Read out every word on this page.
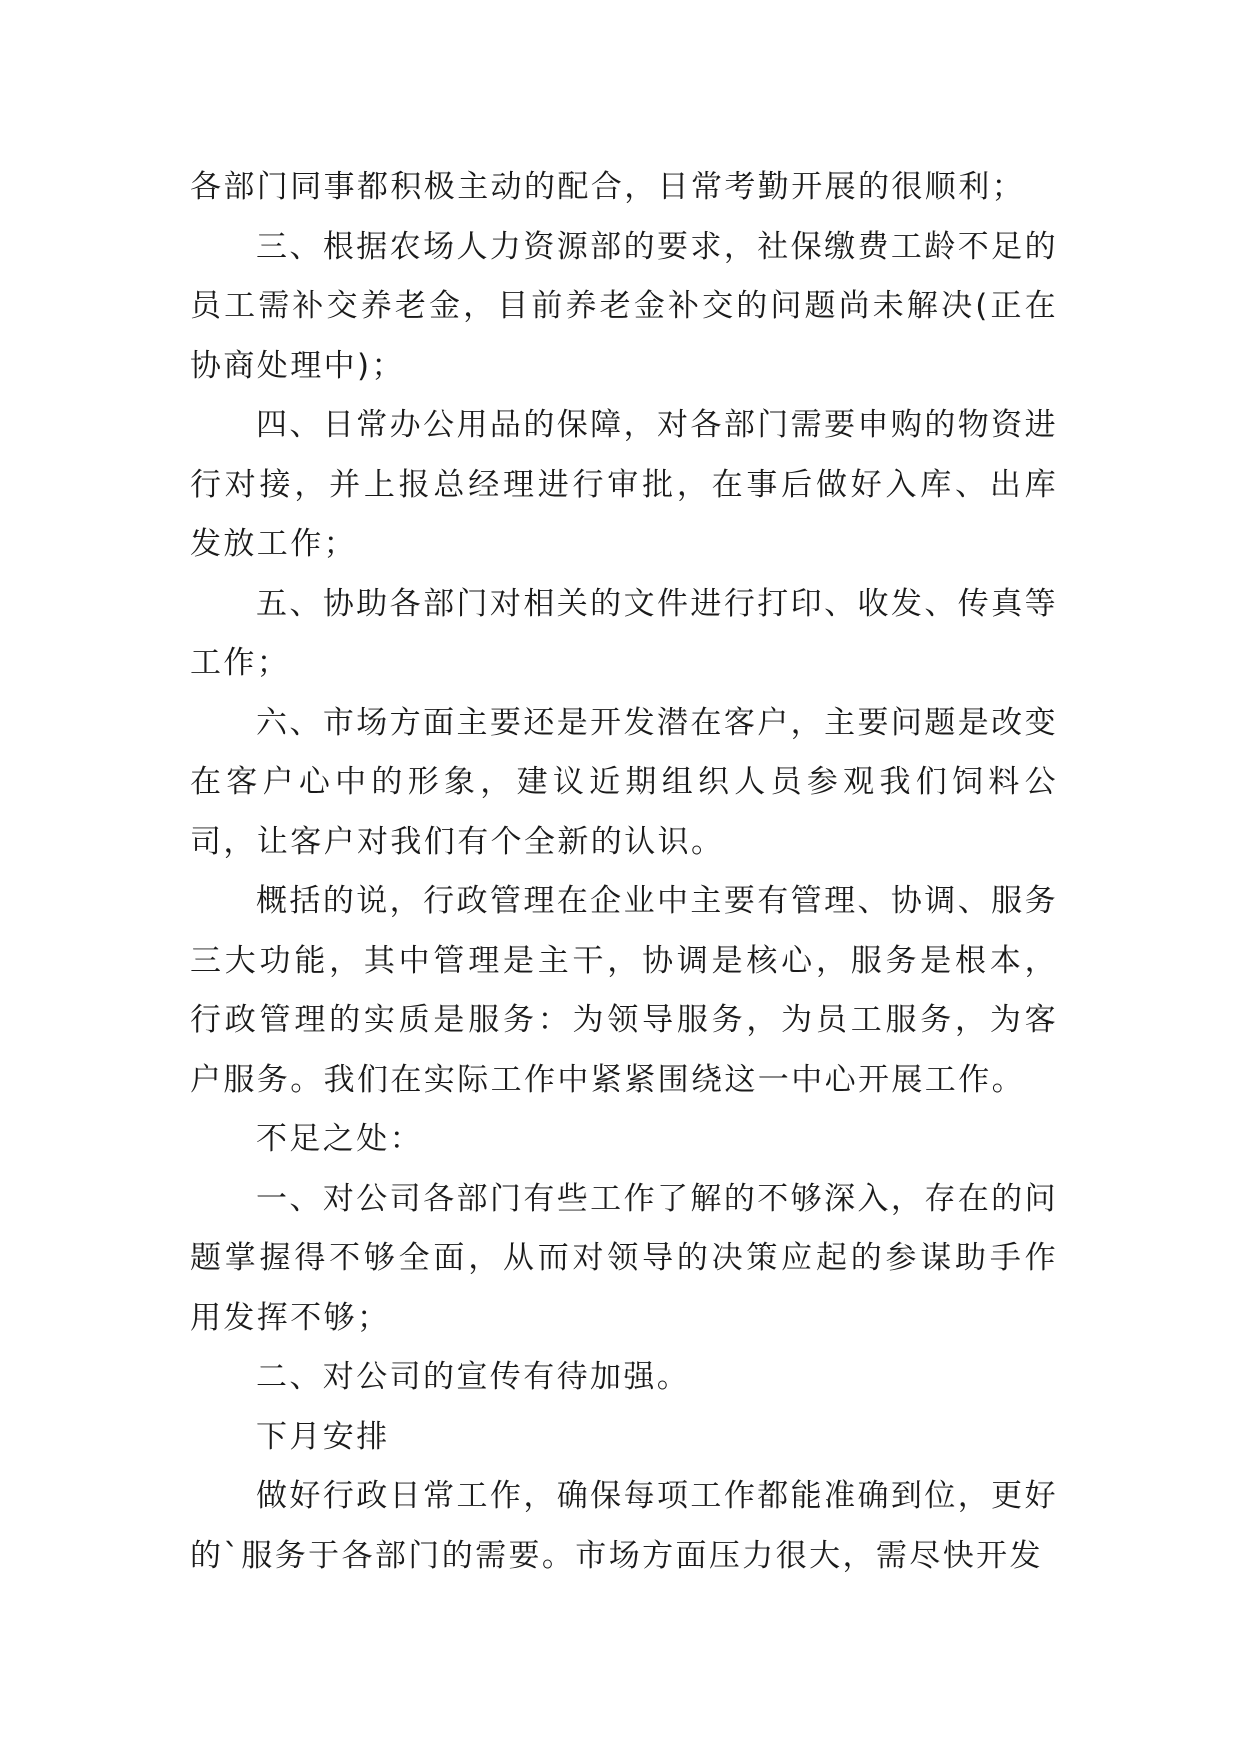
各部门同事都积极主动的配合，日常考勤开展的很顺利；

三、根据农场人力资源部的要求，社保缴费工龄不足的员工需补交养老金，目前养老金补交的问题尚未解决(正在协商处理中)；

四、日常办公用品的保障，对各部门需要申购的物资进行对接，并上报总经理进行审批，在事后做好入库、出库发放工作；

五、协助各部门对相关的文件进行打印、收发、传真等工作；

六、市场方面主要还是开发潜在客户，主要问题是改变在客户心中的形象，建议近期组织人员参观我们饲料公司，让客户对我们有个全新的认识。

概括的说，行政管理在企业中主要有管理、协调、服务三大功能，其中管理是主干，协调是核心，服务是根本，行政管理的实质是服务：为领导服务，为员工服务，为客户服务。我们在实际工作中紧紧围绕这一中心开展工作。

不足之处：

一、对公司各部门有些工作了解的不够深入，存在的问题掌握得不够全面，从而对领导的决策应起的参谋助手作用发挥不够；

二、对公司的宣传有待加强。

下月安排

做好行政日常工作，确保每项工作都能准确到位，更好的`服务于各部门的需要。市场方面压力很大，需尽快开发
